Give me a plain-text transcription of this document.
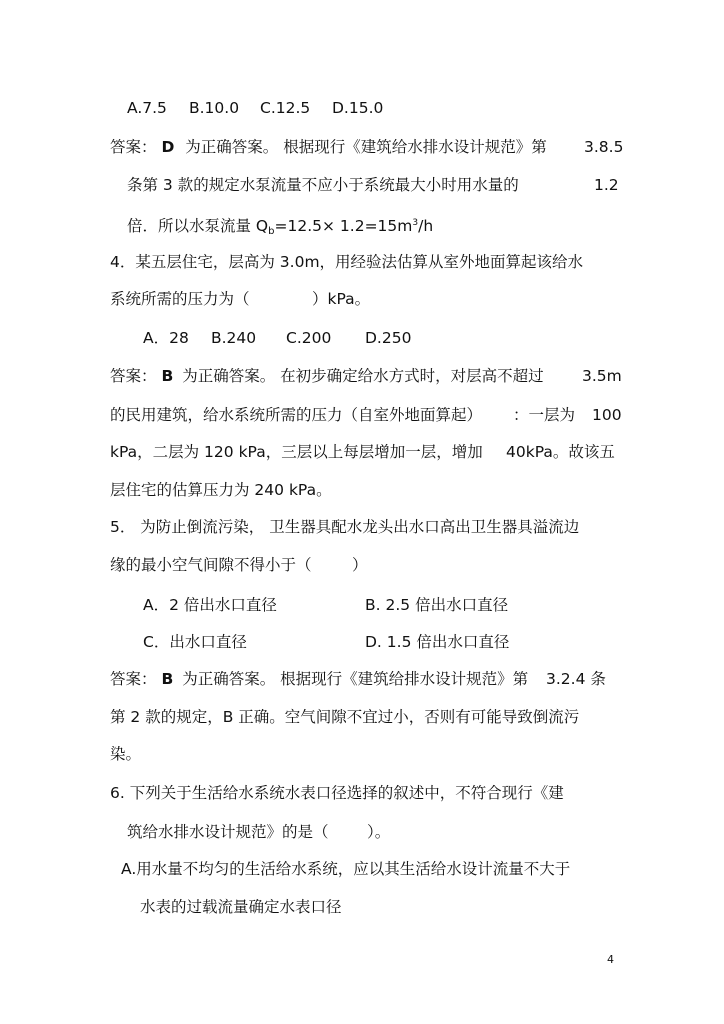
A.7.5 B.10.0 C.12.5 D.15.0
答案： D 为正确答案。 根据现行《建筑给水排水设计规范》第 3.8.5
条第 3 款的规定水泵流量不应小于系统最大小时用水量的	1.2
倍．所以水泵流量 $Q_b=12.5\times 1.2=15m^3/h$
4．某五层住宅，层高为 3.0m，用经验法估算从室外地面算起该给水
系统所需的压力为（	）kPa。
A．28 B.240 C.200 D.250
答案： B 为正确答案。 在初步确定给水方式时，对层高不超过 3.5m
的民用建筑，给水系统所需的压力（自室外地面算起） ：一层为 100
kPa，二层为 120 kPa，三层以上每层增加一层，增加 40kPa。故该五
层住宅的估算压力为 240 kPa。
5． 为防止倒流污染， 卫生器具配水龙头出水口高出卫生器具溢流边
缘的最小空气间隙不得小于（	）
A．2 倍出水口直径	B. 2.5 倍出水口直径
C．出水口直径	D. 1.5 倍出水口直径
答案： B 为正确答案。 根据现行《建筑给排水设计规范》第 3.2.4 条
第 2 款的规定，B 正确。空气间隙不宜过小，否则有可能导致倒流污
染。
6. 下列关于生活给水系统水表口径选择的叙述中，不符合现行《建
筑给水排水设计规范》的是（ ）。
A.用水量不均匀的生活给水系统，应以其生活给水设计流量不大于
水表的过载流量确定水表口径
4
